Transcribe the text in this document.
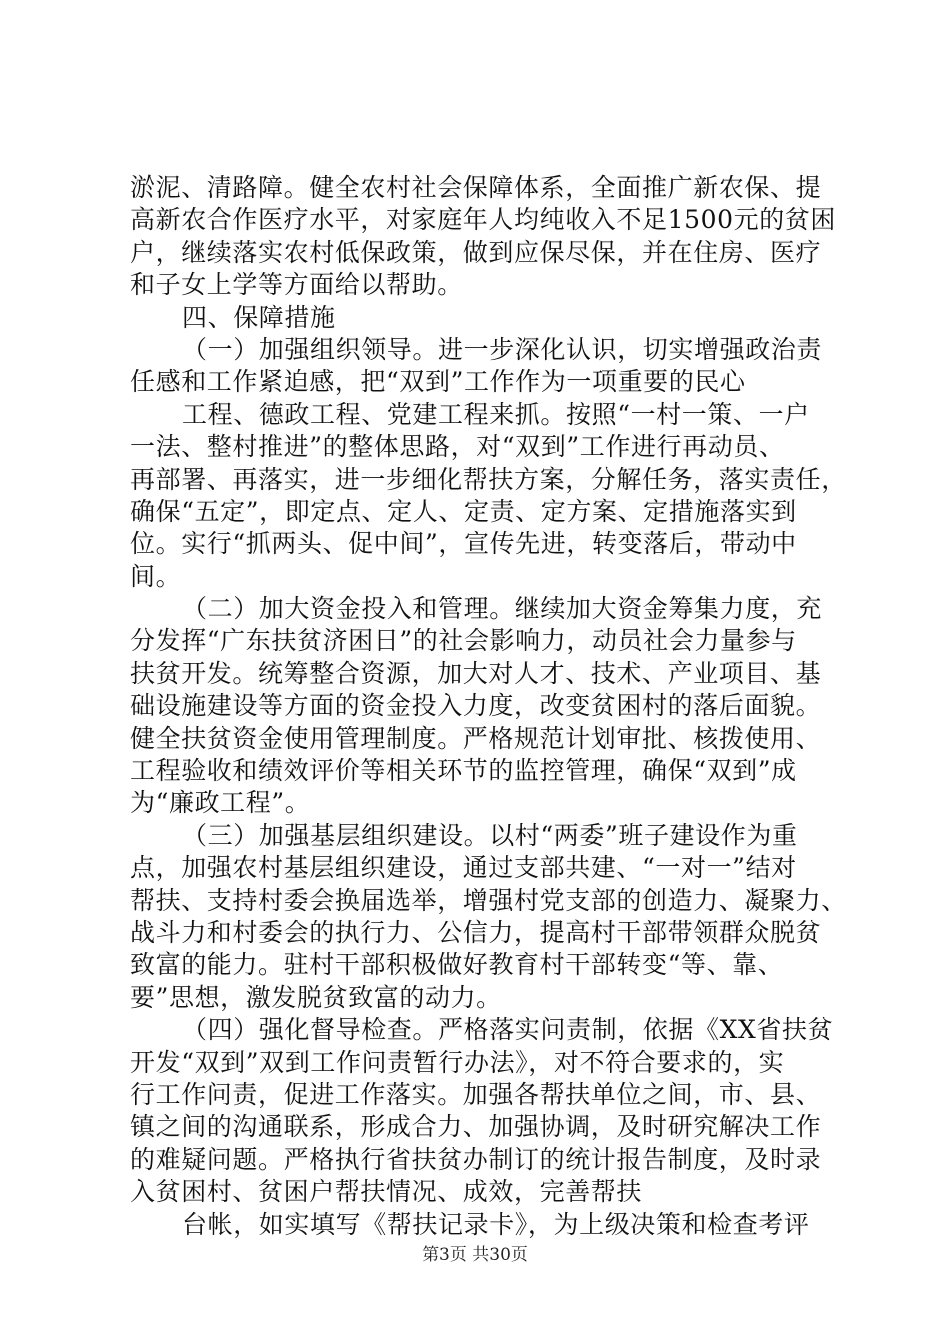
淤泥、清路障。健全农村社会保障体系，全面推广新农保、提
高新农合作医疗水平，对家庭年人均纯收入不足1500元的贫困
户，继续落实农村低保政策，做到应保尽保，并在住房、医疗
和子女上学等方面给以帮助。
四、保障措施
（一）加强组织领导。进一步深化认识，切实增强政治责
任感和工作紧迫感，把“双到”工作作为一项重要的民心
工程、德政工程、党建工程来抓。按照“一村一策、一户
一法、整村推进”的整体思路，对“双到”工作进行再动员、
再部署、再落实，进一步细化帮扶方案，分解任务，落实责任，
确保“五定”，即定点、定人、定责、定方案、定措施落实到
位。实行“抓两头、促中间”，宣传先进，转变落后，带动中
间。
（二）加大资金投入和管理。继续加大资金筹集力度，充
分发挥“广东扶贫济困日”的社会影响力，动员社会力量参与
扶贫开发。统筹整合资源，加大对人才、技术、产业项目、基
础设施建设等方面的资金投入力度，改变贫困村的落后面貌。
健全扶贫资金使用管理制度。严格规范计划审批、核拨使用、
工程验收和绩效评价等相关环节的监控管理，确保“双到”成
为“廉政工程”。
（三）加强基层组织建设。以村“两委”班子建设作为重
点，加强农村基层组织建设，通过支部共建、“一对一”结对
帮扶、支持村委会换届选举，增强村党支部的创造力、凝聚力、
战斗力和村委会的执行力、公信力，提高村干部带领群众脱贫
致富的能力。驻村干部积极做好教育村干部转变“等、靠、
要”思想，激发脱贫致富的动力。
（四）强化督导检查。严格落实问责制，依据《XX省扶贫
开发“双到”双到工作问责暂行办法》，对不符合要求的，实
行工作问责，促进工作落实。加强各帮扶单位之间，市、县、
镇之间的沟通联系，形成合力、加强协调，及时研究解决工作
的难疑问题。严格执行省扶贫办制订的统计报告制度，及时录
入贫困村、贫困户帮扶情况、成效，完善帮扶
台帐，如实填写《帮扶记录卡》，为上级决策和检查考评
第3页 共30页
